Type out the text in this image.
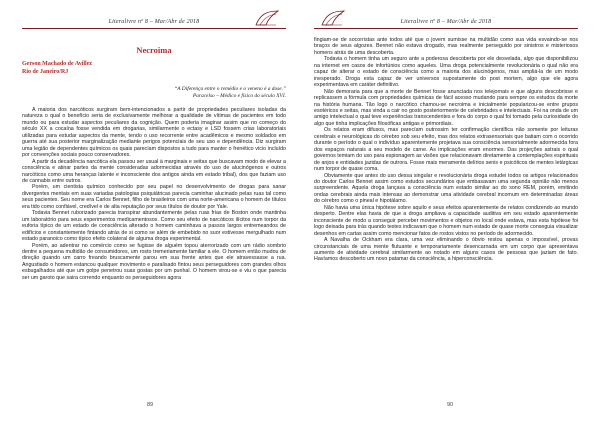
Literalivre nº 8 – Mar/Abr de 2018
Necroima
Gerson Machado de Avillez
Rio de Janeiro/RJ
“A Diferença entre o remédio e o veneno é a dose.”
Paracelso – Médico e físico do século XVI.

A maioria dos narcóticos surgiram bem-intencionados a partir de propriedades peculiares isoladas da natureza o qual o benefício seria de exclusivamente melhorar a qualidade de vítimas de pacientes em todo mundo ou para estudar aspectos peculiares da cognição. Quem poderia imaginar assim que no começo do século XX a cocaína fosse vendida em drogarias, similarmente o ectasy e LSD fossem crias laboratoriais utilizadas para estudar aspectos da mente, tendo o uso recorrente entre acadêmicos e mesmo soldados em guerra até sua posterior marginalização mediante perigos potenciais de seu uso e dependência. Diz surgiram uma legião de dependentes químicos os quais parecíam dispostos a tudo para manter o frenético vício incluído por convenções sociais pouco conservadores.

A partir da decadência narcótica ela passou ser usual à marginais e seitas que buscavam modo de elevar a consciência e atinar partes da mente consideradas adormecidas através do uso de alucinógenos e outros narcóticos como uma heranças latente e inconsciente dos antigos ainda em estado tribal), dos que faziam uso de cannabis entre outros.

Porém, um cientista químico conhecido por seu papel no desenvolvimento de drogas para sanar divergentes mentais em suas variadas patologias psiquiátricas parecia caminhar alucinado pelas ruas tal como seus pacientes. Seu nome era Carlos Bennet, filho de brasileiros com uma norte-americana o homem de títulos era tido como confiável, credível e de alta reputação por seus títulos de doutor por Yale.

Todavia Bennet ruborizado parecia transpirar abundantemente pelas ruas frias de Boston onde mantinha um laboratório para seus experimentos medicamentosos. Como seu efeito de narcóticos ilícitos num torpor da euforia típico de um estado de consciência alterado o homem caminhava a passos largos entremeandos de edifícios e constantemente fintando atrás de si como se além de embebido no suor estivesse mergulhado num estado paranoico como típico efeito colateral de alguma droga experimental.

Porém, ao adentrar no comércio como se fugisse de alguém topou aterrorizado com um rádio sombrio dentre a pequena multidão de consumidores, um rosto tremeriamente familiar a ele. O homem então mudou de direção quando um carro freando bruscamente parou em sua frente antes que ele atravessasse a rua. Angustiado o homem estancou qualquer movimento e paralisado fintou seus perseguidores com grandes olhos esbugalhados até que um golpe penetrou suas gostas por um punhal. O homem virou-se e viu o que parecia ser um garoto que saira correndo enquanto os perseguidores agora

89
Literalivre nº 8 – Mar/Abr de 2018

fingiam-se de socorristas ante todos até que o jovem sumisse na multidão como sua vida esvaindo-se nos braços de seus algozes. Bennet não estava drogado, mas realmente perseguido por sinistros e misteriosos homens atrás de uma descoberta.

Todavia o homem tinha um seguro ante a poderosa descoberta por ele desvelada, algo que disponibilizou na internet em casos de infortúnios como aqueles. Uma droga potencialmente revolucionária o qual não era capaz de alterar o estado de consciência como a maioria dos alucinógenos, mas ampliá-la de um modo inesperado. Droga esta capaz de ver universos supostamente do post mortem, algo que ele agora experimentava em caráter definitivo.

Não demoraria para que a morte de Bennet fosse anunciada nos telejornais e que alguns descobrisse e replicassem a fórmula com propriedades químicas de fácil acesso mudando para sempre os estudos da morte na história humana. Tão logo o narcótico chamou-se necroima e inicialmente popularizou-se entre grupos esotéricos e seitas, mas vinda a cair no gosto posteriormente de celebridades e intelectuais. Foi na onda de um amigo intelectual o qual teve experiências transcendentes e fora do corpo o qual foi tomado pela curiosidade do algo que tinha implicações filosóficas antigas e primordiais.

Os relatos eram difusos, mas parecíam outrossim ter confirmação científica não somente por leituras cerebrais e neurológicas do cérebro sob seu efeito, mas dos relatos extrasensoriais que batiam com o ocorrido durante o período o qual o indivíduo aparentemente projetava sua consciência sensorialmente adormecida fora dos espaços naturais a seu modelo de carne. As implicações eram enormes. Das projeções astrais o qual governos temiam do uso para espionagem as visões que relacionavam diretamente a contemplações espirituais de anjos e entidades jazidas de outrora. Fosse mais meramente delírios senis e psicóticos de mentes letárgicas num torpor de quase coma.

Obviamente que antes do uso dessa singular e revolucionária droga estudei todos os artigos relacionados do doutor Carlos Bennet assim como estudos secundários que embasavam uma segunda opinião não menos surpreendente. Aquela droga lançava a consciência num estado similar ao do sono REM, porém, emitindo ondas cerebrais ainda mais intensas ao demonstrar uma atividade cerebral incomum em determinadas áreas do cérebro como o pineal e hipotálamo.

Não havia uma única hipótese sobre aquilo e seus efeitos aparentemente de relatos condizendo ao mundo desperto. Dentre elas havia de que a droga ampliava a capacidade auditiva em seu estado aparentemente inconsciente de modo a conseguir perceber movimentos e objetos no local onde estava, mas esta hipótese foi logo deixada para trás quando testes indicavam que o homem num estado de quase morte conseguia visualizar desenhos em cartas assim como mencionar fatos de rostos vistos no período de adormecido.

A Navalha de Ockham era clara, uma vez eliminando o óbvio restou apenas o impossível, provas circunstanciais de uma mente flutuante e temporariamente desencarnada em um corpo que apresentava aumento de atividade cerebral similarmente ao notado em alguns casos de pessoas que jaziam de fato. Havíamos descoberto um novo patamar da consciência, a hiperconsciência.

90
